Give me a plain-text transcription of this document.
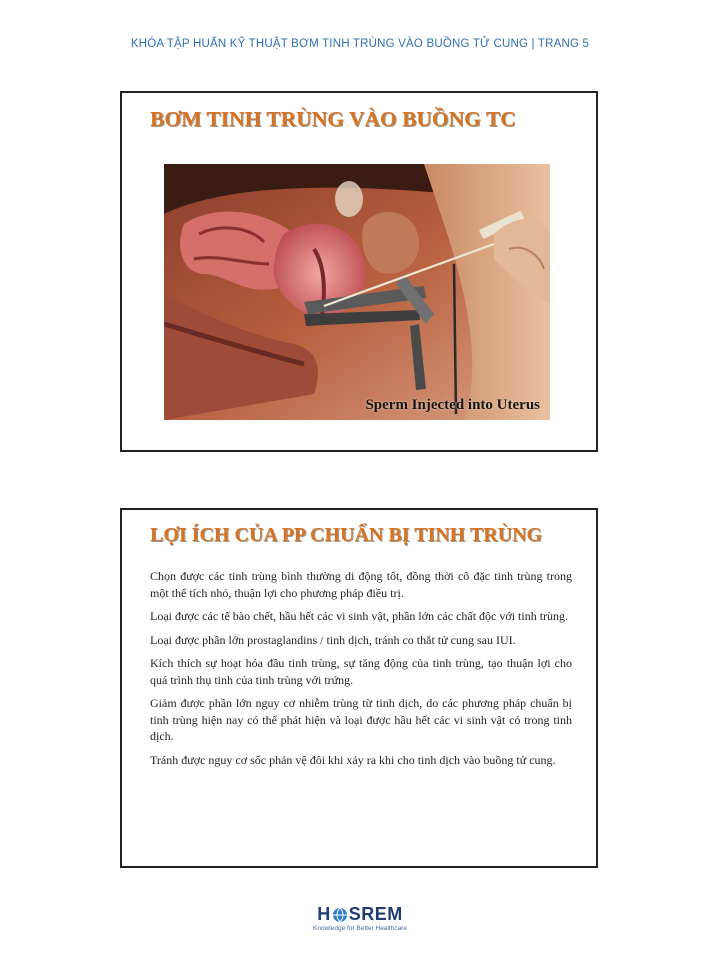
KHÓA TẬP HUẤN KỸ THUẬT BƠM TINH TRÙNG VÀO BUỒNG TỬ CUNG | TRANG 5
BƠM TINH TRÙNG VÀO BUỒNG TC
Sperm Injected into Uterus
LỢI ÍCH CỦA PP CHUẨN BỊ TINH TRÙNG

Chọn được các tinh trùng bình thường di động tốt, đồng thời cô đặc tinh trùng trong một thể tích nhỏ, thuận lợi cho phương pháp điều trị.

Loại được các tế bào chết, hầu hết các vi sinh vật, phần lớn các chất độc với tinh trùng.

Loại được phần lớn prostaglandins / tinh dịch, tránh co thắt tử cung sau IUI.

Kích thích sự hoạt hóa đầu tinh trùng, sự tăng động của tinh trùng, tạo thuận lợi cho quá trình thụ tinh của tinh trùng với trứng.

Giảm được phần lớn nguy cơ nhiễm trùng từ tinh dịch, do các phương pháp chuẩn bị tinh trùng hiện nay có thể phát hiện và loại được hầu hết các vi sinh vật có trong tinh dịch.

Tránh được nguy cơ sốc phản vệ đôi khi xảy ra khi cho tinh dịch vào buồng tử cung.

H SREM
Knowledge for Better Healthcare
